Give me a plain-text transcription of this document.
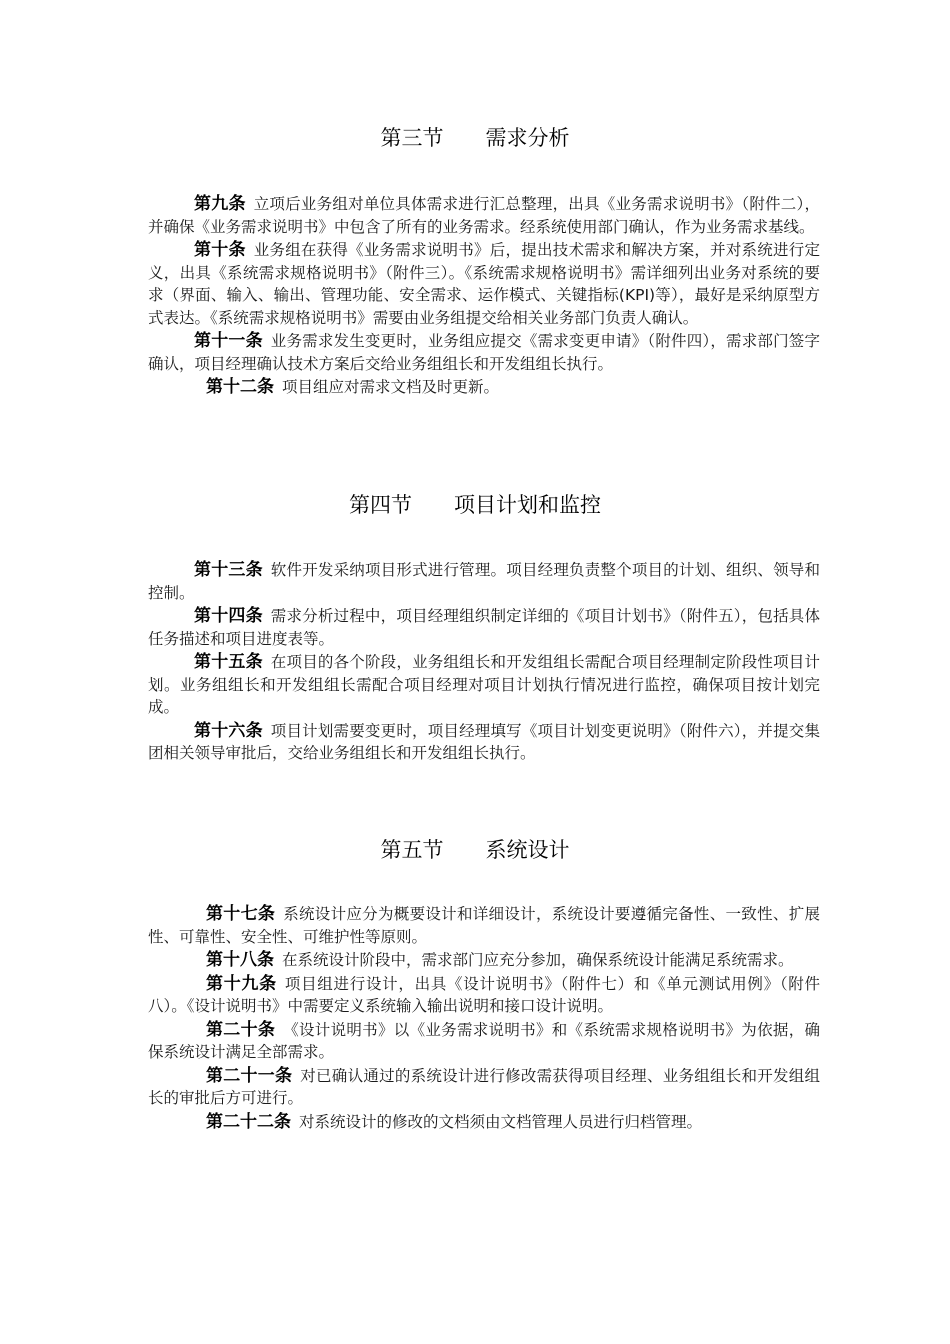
第三节　　需求分析

第九条 立项后业务组对单位具体需求进行汇总整理，出具《业务需求说明书》（附件二），并确保《业务需求说明书》中包含了所有的业务需求。经系统使用部门确认，作为业务需求基线。

第十条 业务组在获得《业务需求说明书》后，提出技术需求和解决方案，并对系统进行定义，出具《系统需求规格说明书》（附件三）。《系统需求规格说明书》需详细列出业务对系统的要求（界面、输入、输出、管理功能、安全需求、运作模式、关键指标(KPI)等），最好是采纳原型方式表达。《系统需求规格说明书》需要由业务组提交给相关业务部门负责人确认。

第十一条 业务需求发生变更时，业务组应提交《需求变更申请》（附件四），需求部门签字确认，项目经理确认技术方案后交给业务组组长和开发组组长执行。

第十二条 项目组应对需求文档及时更新。

第四节　　项目计划和监控

第十三条 软件开发采纳项目形式进行管理。项目经理负责整个项目的计划、组织、领导和控制。

第十四条 需求分析过程中，项目经理组织制定详细的《项目计划书》（附件五），包括具体任务描述和项目进度表等。

第十五条 在项目的各个阶段，业务组组长和开发组组长需配合项目经理制定阶段性项目计划。业务组组长和开发组组长需配合项目经理对项目计划执行情况进行监控，确保项目按计划完成。

第十六条 项目计划需要变更时，项目经理填写《项目计划变更说明》（附件六），并提交集团相关领导审批后，交给业务组组长和开发组组长执行。

第五节　　系统设计

第十七条 系统设计应分为概要设计和详细设计，系统设计要遵循完备性、一致性、扩展性、可靠性、安全性、可维护性等原则。

第十八条 在系统设计阶段中，需求部门应充分参加，确保系统设计能满足系统需求。

第十九条 项目组进行设计，出具《设计说明书》（附件七）和《单元测试用例》（附件八）。《设计说明书》中需要定义系统输入输出说明和接口设计说明。

第二十条 《设计说明书》以《业务需求说明书》和《系统需求规格说明书》为依据，确保系统设计满足全部需求。

第二十一条 对已确认通过的系统设计进行修改需获得项目经理、业务组组长和开发组组长的审批后方可进行。

第二十二条 对系统设计的修改的文档须由文档管理人员进行归档管理。
